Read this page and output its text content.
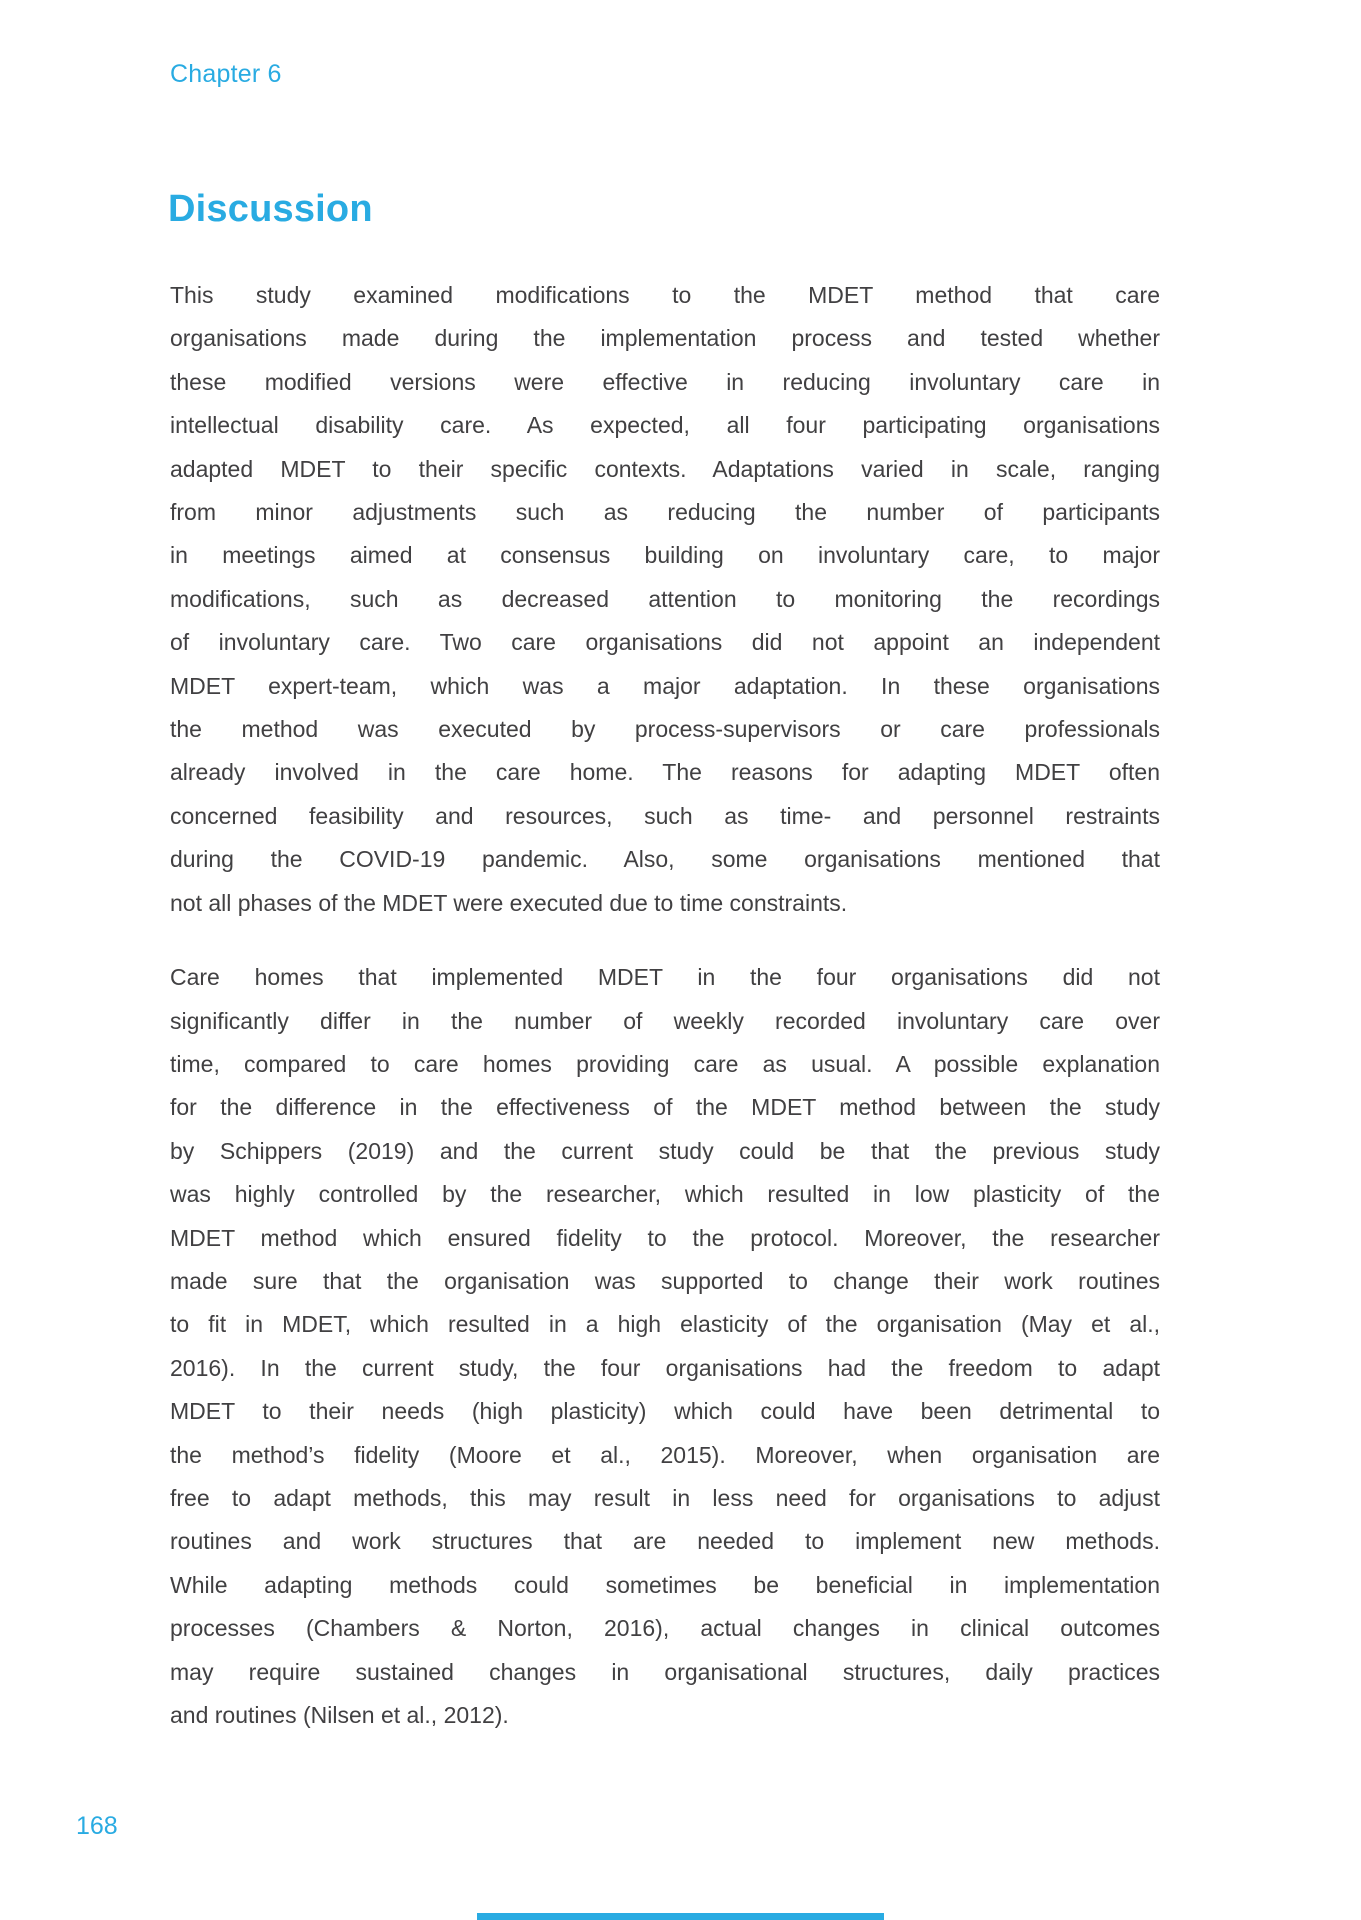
Chapter 6
Discussion
This study examined modifications to the MDET method that care
organisations made during the implementation process and tested whether
these modified versions were effective in reducing involuntary care in
intellectual disability care. As expected, all four participating organisations
adapted MDET to their specific contexts. Adaptations varied in scale, ranging
from minor adjustments such as reducing the number of participants
in meetings aimed at consensus building on involuntary care, to major
modifications, such as decreased attention to monitoring the recordings
of involuntary care. Two care organisations did not appoint an independent
MDET expert-team, which was a major adaptation. In these organisations
the method was executed by process-supervisors or care professionals
already involved in the care home. The reasons for adapting MDET often
concerned feasibility and resources, such as time- and personnel restraints
during the COVID-19 pandemic. Also, some organisations mentioned that
not all phases of the MDET were executed due to time constraints.
Care homes that implemented MDET in the four organisations did not
significantly differ in the number of weekly recorded involuntary care over
time, compared to care homes providing care as usual. A possible explanation
for the difference in the effectiveness of the MDET method between the study
by Schippers (2019) and the current study could be that the previous study
was highly controlled by the researcher, which resulted in low plasticity of the
MDET method which ensured fidelity to the protocol. Moreover, the researcher
made sure that the organisation was supported to change their work routines
to fit in MDET, which resulted in a high elasticity of the organisation (May et al.,
2016). In the current study, the four organisations had the freedom to adapt
MDET to their needs (high plasticity) which could have been detrimental to
the method’s fidelity (Moore et al., 2015). Moreover, when organisation are
free to adapt methods, this may result in less need for organisations to adjust
routines and work structures that are needed to implement new methods.
While adapting methods could sometimes be beneficial in implementation
processes (Chambers & Norton, 2016), actual changes in clinical outcomes
may require sustained changes in organisational structures, daily practices
and routines (Nilsen et al., 2012).
168
